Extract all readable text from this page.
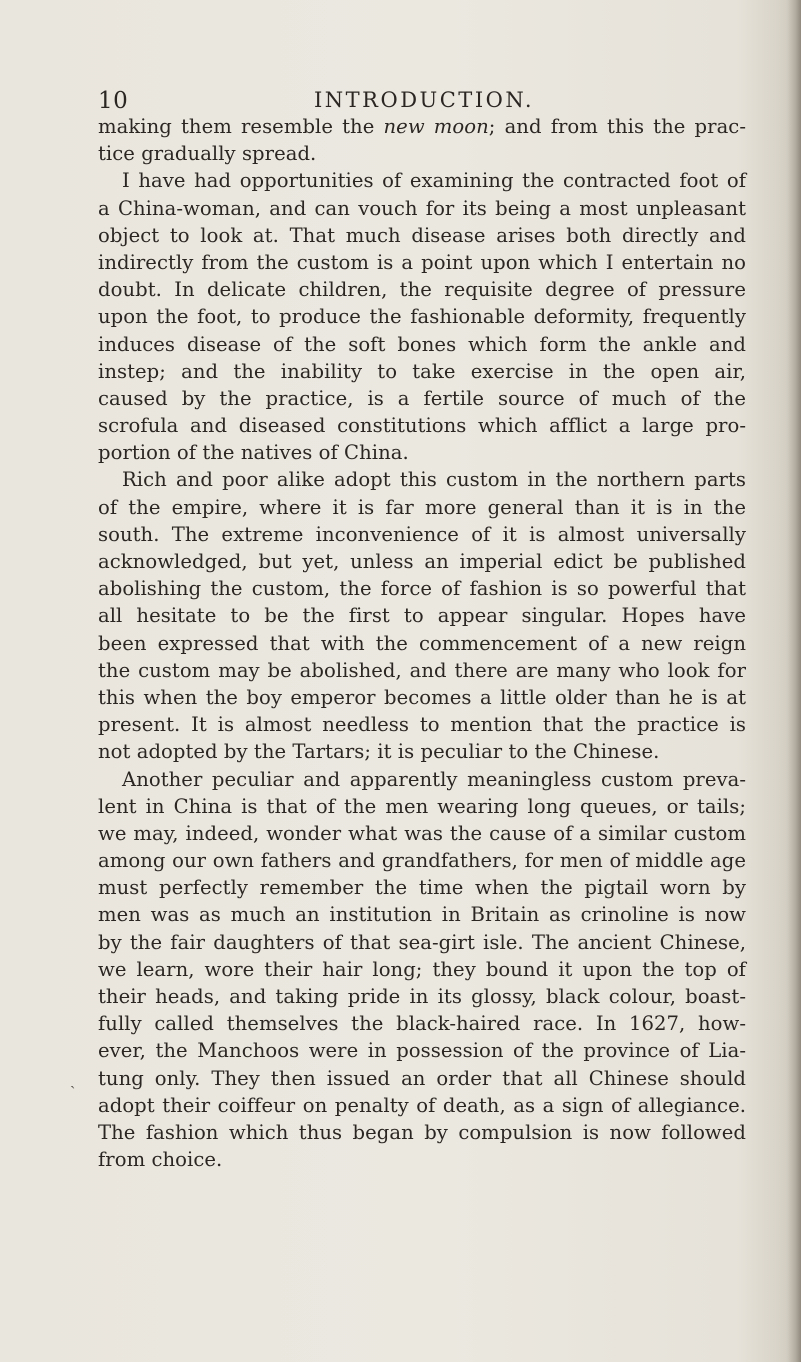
10	INTRODUCTION.
making them resemble the new moon; and from this the prac-
tice gradually spread.
I have had opportunities of examining the contracted foot of
a China-woman, and can vouch for its being a most unpleasant
object to look at. That much disease arises both directly and
indirectly from the custom is a point upon which I entertain no
doubt. In delicate children, the requisite degree of pressure
upon the foot, to produce the fashionable deformity, frequently
induces disease of the soft bones which form the ankle and
instep; and the inability to take exercise in the open air,
caused by the practice, is a fertile source of much of the
scrofula and diseased constitutions which afflict a large pro-
portion of the natives of China.
Rich and poor alike adopt this custom in the northern parts
of the empire, where it is far more general than it is in the
south. The extreme inconvenience of it is almost universally
acknowledged, but yet, unless an imperial edict be published
abolishing the custom, the force of fashion is so powerful that
all hesitate to be the first to appear singular. Hopes have
been expressed that with the commencement of a new reign
the custom may be abolished, and there are many who look for
this when the boy emperor becomes a little older than he is at
present. It is almost needless to mention that the practice is
not adopted by the Tartars; it is peculiar to the Chinese.
Another peculiar and apparently meaningless custom preva-
lent in China is that of the men wearing long queues, or tails;
we may, indeed, wonder what was the cause of a similar custom
among our own fathers and grandfathers, for men of middle age
must perfectly remember the time when the pigtail worn by
men was as much an institution in Britain as crinoline is now
by the fair daughters of that sea-girt isle. The ancient Chinese,
we learn, wore their hair long; they bound it upon the top of
their heads, and taking pride in its glossy, black colour, boast-
fully called themselves the black-haired race. In 1627, how-
ever, the Manchoos were in possession of the province of Lia-
tung only. They then issued an order that all Chinese should
adopt their coiffeur on penalty of death, as a sign of allegiance.
The fashion which thus began by compulsion is now followed
from choice.
ˏ
